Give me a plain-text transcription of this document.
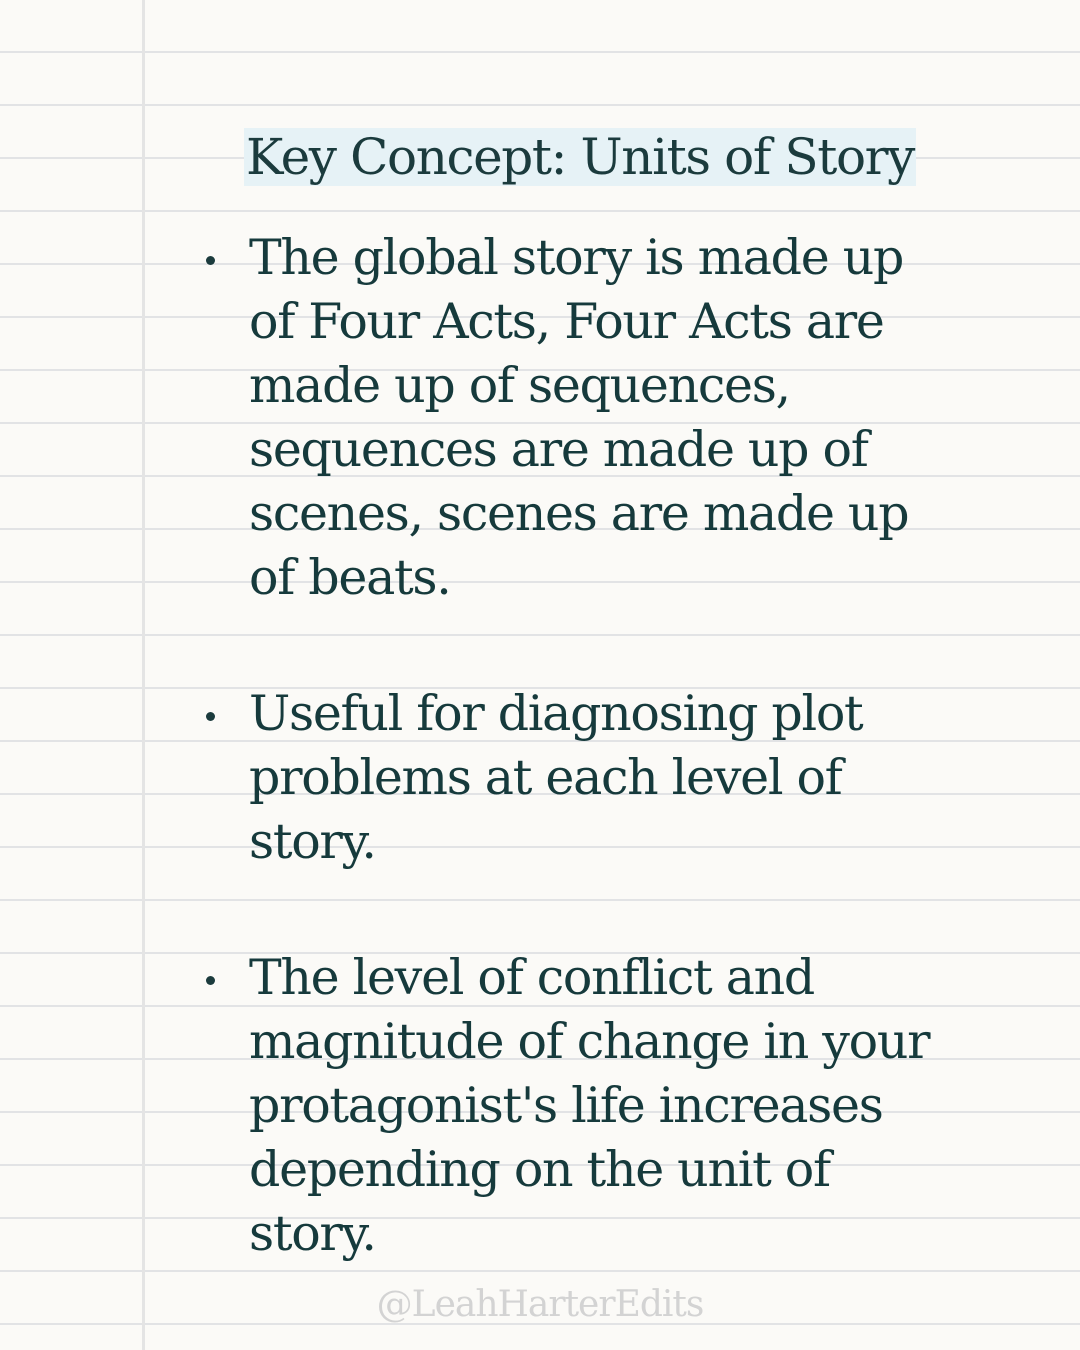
Key Concept: Units of Story
The global story is made up
of Four Acts, Four Acts are
made up of sequences,
sequences are made up of
scenes, scenes are made up
of beats.
Useful for diagnosing plot
problems at each level of
story.
The level of conflict and
magnitude of change in your
protagonist's life increases
depending on the unit of
story.
@LeahHarterEdits
